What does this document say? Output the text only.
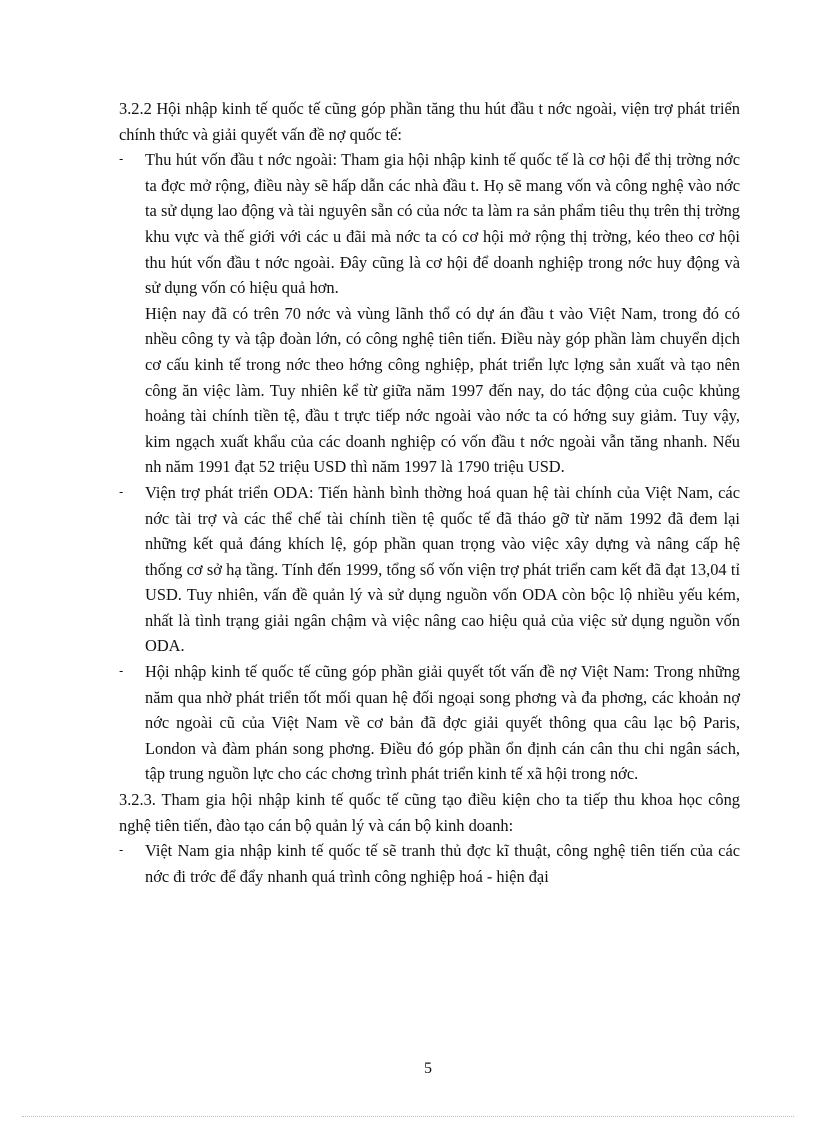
3.2.2 Hội nhập kinh tế quốc tế cũng góp phần tăng thu hút đầu t nớc ngoài, viện trợ phát triển chính thức và giải quyết vấn đề nợ quốc tế:

- Thu hút vốn đầu t nớc ngoài: Tham gia hội nhập kinh tế quốc tế là cơ hội để thị trờng nớc ta đợc mở rộng, điều này sẽ hấp dẫn các nhà đầu t. Họ sẽ mang vốn và công nghệ vào nớc ta sử dụng lao động và tài nguyên sẵn có của nớc ta làm ra sản phẩm tiêu thụ trên thị trờng khu vực và thế giới với các u đãi mà nớc ta có cơ hội mở rộng thị trờng, kéo theo cơ hội thu hút vốn đầu t nớc ngoài. Đây cũng là cơ hội để doanh nghiệp trong nớc huy động và sử dụng vốn có hiệu quả hơn.

Hiện nay đã có trên 70 nớc và vùng lãnh thổ có dự án đầu t vào Việt Nam, trong đó có nhều công ty và tập đoàn lớn, có công nghệ tiên tiến. Điều này góp phần làm chuyển dịch cơ cấu kinh tế trong nớc theo hớng công nghiệp, phát triển lực lợng sản xuất và tạo nên công ăn việc làm. Tuy nhiên kể từ giữa năm 1997 đến nay, do tác động của cuộc khủng hoảng tài chính tiền tệ, đầu t trực tiếp nớc ngoài vào nớc ta có hớng suy giảm. Tuy vậy, kim ngạch xuất khẩu của các doanh nghiệp có vốn đầu t nớc ngoài vẫn tăng nhanh. Nếu nh năm 1991 đạt 52 triệu USD thì năm 1997 là 1790 triệu USD.

- Viện trợ phát triển ODA: Tiến hành bình thờng hoá quan hệ tài chính của Việt Nam, các nớc tài trợ và các thể chế tài chính tiền tệ quốc tế đã tháo gỡ từ năm 1992 đã đem lại những kết quả đáng khích lệ, góp phần quan trọng vào việc xây dựng và nâng cấp hệ thống cơ sở hạ tầng. Tính đến 1999, tổng số vốn viện trợ phát triển cam kết đã đạt 13,04 tỉ USD. Tuy nhiên, vấn đề quản lý và sử dụng nguồn vốn ODA còn bộc lộ nhiều yếu kém, nhất là tình trạng giải ngân chậm và việc nâng cao hiệu quả của việc sử dụng nguồn vốn ODA.
- Hội nhập kinh tế quốc tế cũng góp phần giải quyết tốt vấn đề nợ Việt Nam: Trong những năm qua nhờ phát triển tốt mối quan hệ đối ngoại song phơng và đa phơng, các khoản nợ nớc ngoài cũ của Việt Nam về cơ bản đã đợc giải quyết thông qua câu lạc bộ Paris, London và đàm phán song phơng. Điều đó góp phần ổn định cán cân thu chi ngân sách, tập trung nguồn lực cho các chơng trình phát triển kinh tế xã hội trong nớc.

3.2.3. Tham gia hội nhập kinh tế quốc tế cũng tạo điều kiện cho ta tiếp thu khoa học công nghệ tiên tiến, đào tạo cán bộ quản lý và cán bộ kinh doanh:

- Việt Nam gia nhập kinh tế quốc tế sẽ tranh thủ đợc kĩ thuật, công nghệ tiên tiến của các nớc đi trớc để đẩy nhanh quá trình công nghiệp hoá - hiện đại
5
